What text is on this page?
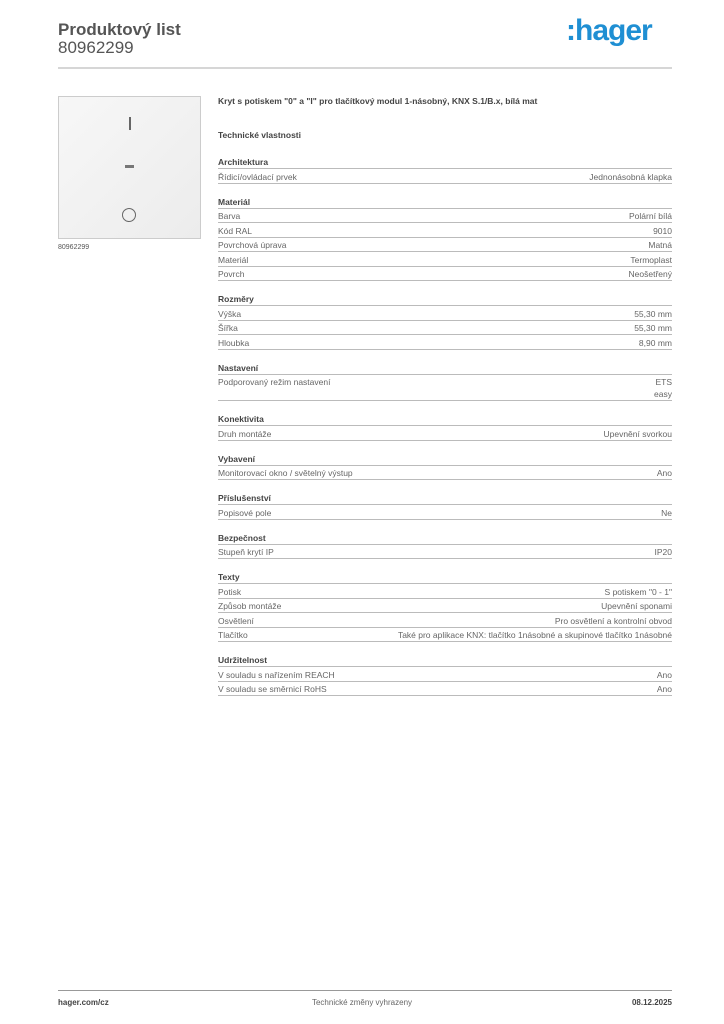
Produktový list
80962299
:hager
80962299
Kryt s potiskem "0" a "I" pro tlačítkový modul 1-násobný, KNX S.1/B.x, bílá mat
Technické vlastnosti
Architektura
Řídicí/ovládací prvek	Jednonásobná klapka
Materiál
Barva	Polární bílá
Kód RAL	9010
Povrchová úprava	Matná
Materiál	Termoplast
Povrch	Neošetřený
Rozměry
Výška	55,30 mm
Šířka	55,30 mm
Hloubka	8,90 mm
Nastavení
Podporovaný režim nastavení	ETS
easy
Konektivita
Druh montáže	Upevnění svorkou
Vybavení
Monitorovací okno / světelný výstup	Ano
Příslušenství
Popisové pole	Ne
Bezpečnost
Stupeň krytí IP	IP20
Texty
Potisk	S potiskem "0 - 1"
Způsob montáže	Upevnění sponami
Osvětlení	Pro osvětlení a kontrolní obvod
Tlačítko	Také pro aplikace KNX: tlačítko 1násobné a skupinové tlačítko 1násobné
Udržitelnost
V souladu s nařízením REACH	Ano
V souladu se směrnicí RoHS	Ano
hager.com/cz	Technické změny vyhrazeny	08.12.2025
